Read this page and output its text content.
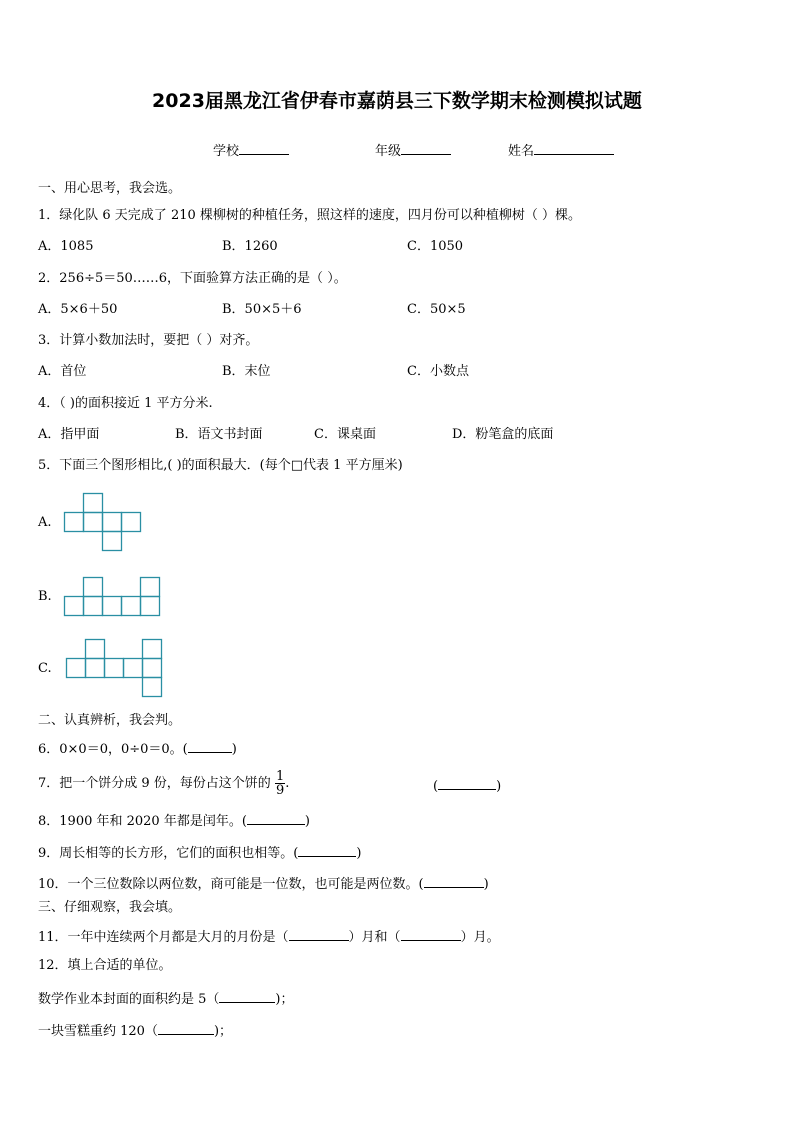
2023届黑龙江省伊春市嘉荫县三下数学期末检测模拟试题
学校	年级	姓名
一、用心思考，我会选。
1．绿化队 6 天完成了 210 棵柳树的种植任务，照这样的速度，四月份可以种植柳树（ ）棵。
A．1085	B．1260	C．1050
2．256÷5＝50……6，下面验算方法正确的是（ ）。
A．5×6＋50	B．50×5＋6	C．50×5
3．计算小数加法时，要把（ ）对齐。
A．首位	B．末位	C．小数点
4．（ )的面积接近 1 平方分米.
A．指甲面	B．语文书封面	C．课桌面	D．粉笔盒的底面
5．下面三个图形相比,( )的面积最大．(每个□代表 1 平方厘米)
A.
B.
C.
二、认真辨析，我会判。
6．0×0＝0，0÷0＝0。(	)
7．把一个饼分成 9 份，每份占这个饼的 $\frac{1}{9}$ .	(	)
8．1900 年和 2020 年都是闰年。(	)
9．周长相等的长方形，它们的面积也相等。(	)
10．一个三位数除以两位数，商可能是一位数，也可能是两位数。(	)
三、仔细观察，我会填。
11．一年中连续两个月都是大月的月份是（	）月和（	）月。
12．填上合适的单位。
数学作业本封面的面积约是 5（	)；
一块雪糕重约 120（	)；
